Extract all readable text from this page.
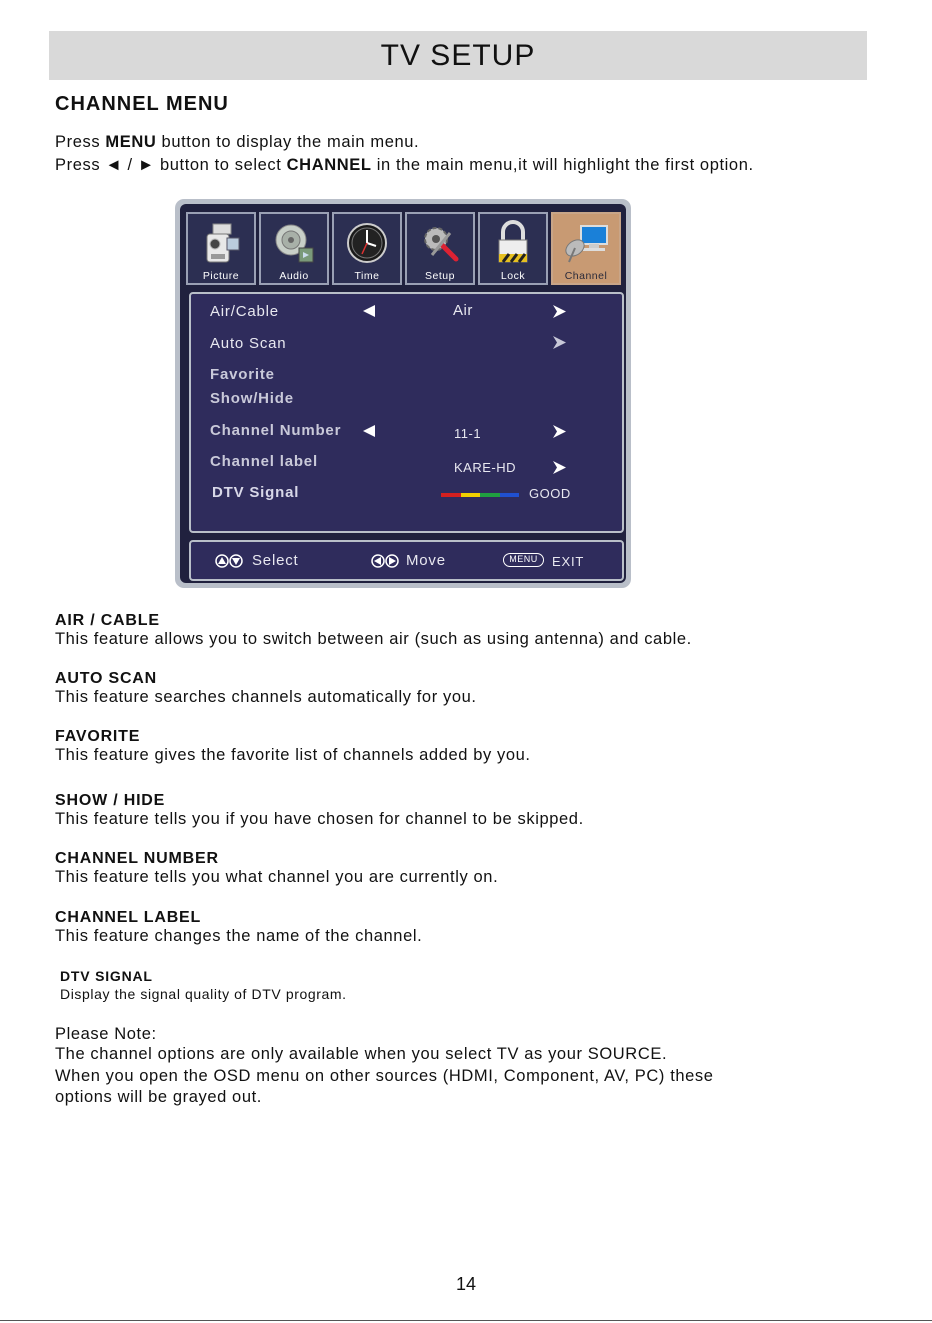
TV SETUP
CHANNEL MENU
Press MENU button to display the main menu.
Press ◄ / ► button to select CHANNEL in the main menu,it will highlight the first option.
Picture	Audio	Time	Setup	Lock	Channel
Air/Cable	Air
Auto Scan
Favorite
Show/Hide
Channel Number	11-1
Channel label	KARE-HD
DTV Signal	GOOD
Select	Move	MENU	EXIT
AIR / CABLE
This feature allows you to switch between air (such as using antenna) and cable.
AUTO SCAN
This feature searches channels automatically for you.
FAVORITE
This feature gives the favorite list of channels added by you.
SHOW / HIDE
This feature tells you if you have chosen for channel to be skipped.
CHANNEL NUMBER
This feature tells you what channel you are currently on.
CHANNEL LABEL
This feature changes the name of the channel.
DTV SIGNAL
Display the signal quality of DTV program.
Please Note:
The channel options are only available when you select TV as your SOURCE.
When you open the OSD menu on other sources (HDMI, Component, AV, PC) these
options will be grayed out.
14
